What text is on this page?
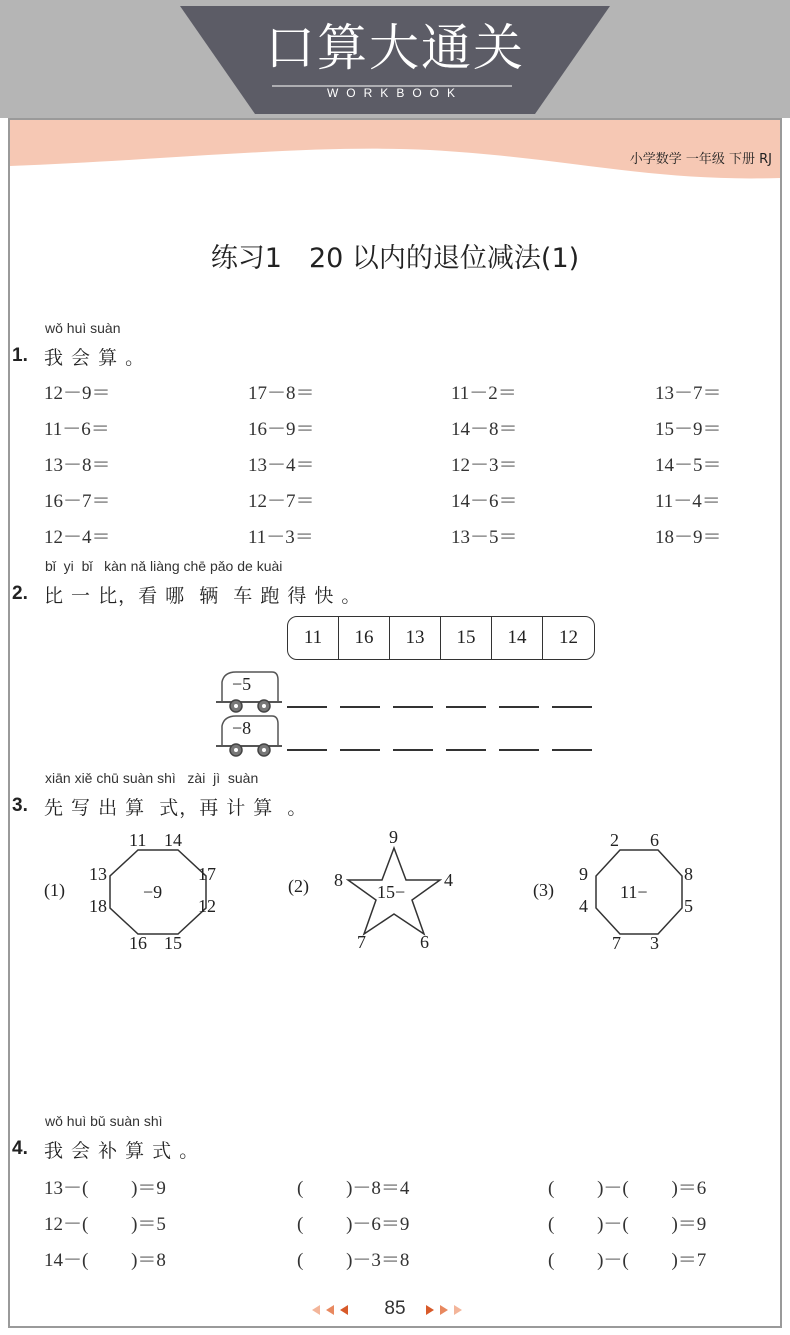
口算大通关
WORKBOOK
小学数学 一年级 下册 RJ
练习1　20 以内的退位减法(1)
wǒ huì suàn
1. 我 会 算 。
12－9＝	17－8＝	11－2＝	13－7＝
11－6＝	16－9＝	14－8＝	15－9＝
13－8＝	13－4＝	12－3＝	14－5＝
16－7＝	12－7＝	14－6＝	11－4＝
12－4＝	11－3＝	13－5＝	18－9＝
bǐ  yi  bǐ   kàn nǎ liàng chē pǎo de kuài
2. 比 一 比，看 哪  辆  车 跑 得 快 。
11	16	13	15	14	12
−5
−8
xiān xiě chū suàn shì   zài  jì  suàn
3. 先 写 出 算  式，再 计 算  。
(1)	−9
11 14
17
12
15
16
18
13
(2)	15−
9
4
6
7
8	(3)	11−
2 6
8
5
3
7
4
9
wǒ huì bǔ suàn shì
4. 我 会 补 算 式 。
13－(　　 )＝9	(　　 )－8＝4	(　　 )－(　　 )＝6
12－(　　 )＝5	(　　 )－6＝9	(　　 )－(　　 )＝9
14－(　　 )＝8	(　　 )－3＝8	(　　 )－(　　 )＝7
85
